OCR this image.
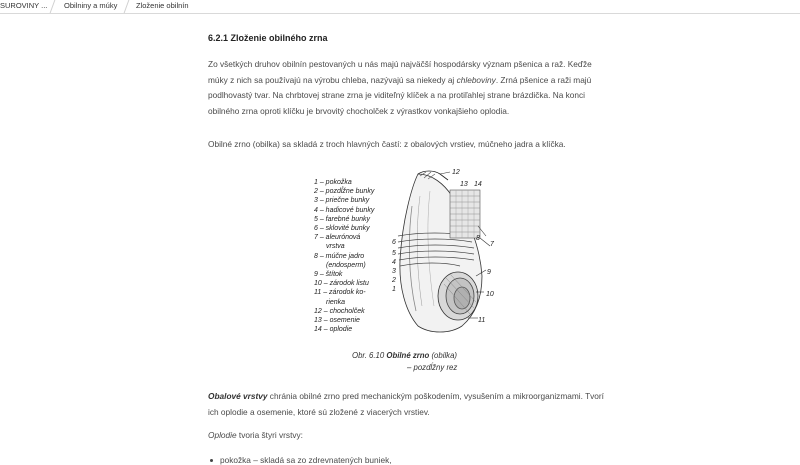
SUROVINY ... Obilniny a múky Zloženie obilnín
6.2.1 Zloženie obilného zrna
Zo všetkých druhov obilnín pestovaných u nás majú najväčší hospodársky význam pšenica a raž. Keďže múky z nich sa používajú na výrobu chleba, nazývajú sa niekedy aj chlebovinу. Zrná pšenice a raži majú podlhovastý tvar. Na chrbtovej strane zrna je viditeľný klíček a na protiľahlej strane brázdička. Na konci obilného zrna oproti klíčku je brvovitý chocholček z výrastkov vonkajšieho oplodia.
Obilné zrno (obilka) sa skladá z troch hlavných častí: z obalových vrstiev, múčneho jadra a klíčka.
1 – pokožka
2 – pozdĺžne bunky
3 – priečne bunky
4 – hadicové bunky
5 – farebné bunky
6 – sklovité bunky
7 – aleurónová
vrstva
8 – múčne jadro
(endosperm)
9 – štítok
10 – zárodok listu
11 – zárodok ko-
rienka
12 – chocholček
13 – osemenie
14 – oplodie
12
13 14
6
5
4
3
2
1
8
7
9
10
11
Obr. 6.10 Obilné zrno (obilka)
– pozdĺžny rez
Obalové vrstvy chránia obilné zrno pred mechanickým poškodením, vysušením a mikroorganizmami. Tvorí ich oplodie a osemenie, ktoré sú zložené z viacerých vrstiev.
Oplodie tvoria štyri vrstvy:
pokožka – skladá sa zo zdrevnatených buniek,
